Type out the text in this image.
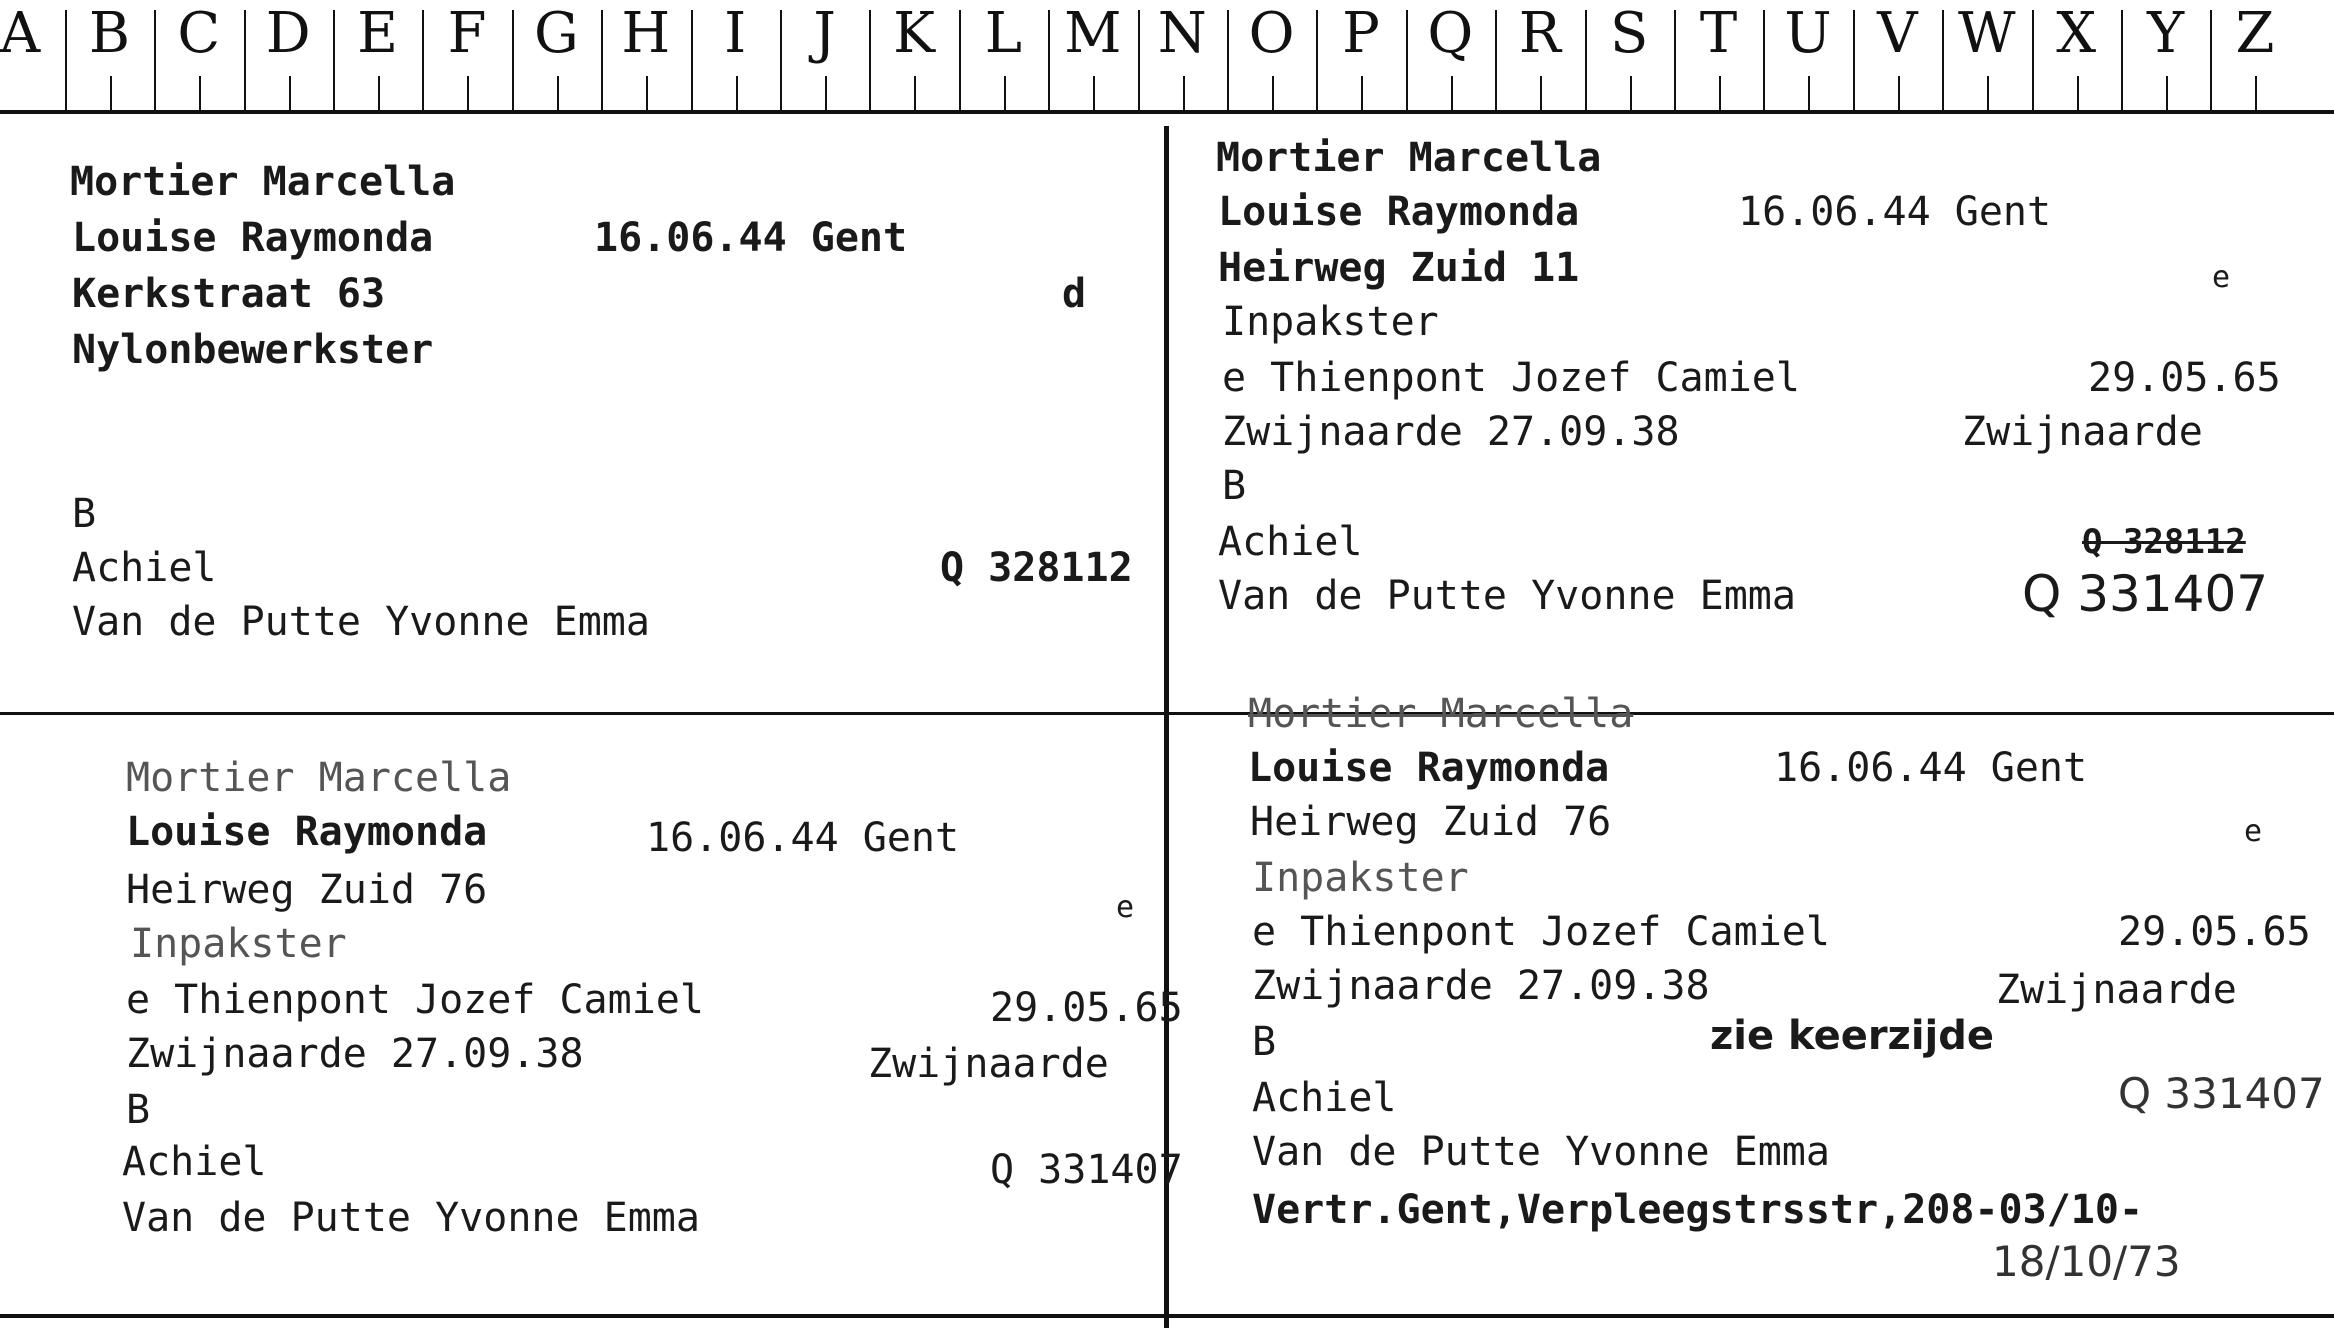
A B C D E F G H I	J	K L M N O P Q R S T U V W X Y Z
Mortier Marcella
Louise Raymonda	16.06.44 Gent
Kerkstraat 63	d
Nylonbewerkster
B
Achiel	Q 328112
Van de Putte Yvonne Emma
Mortier Marcella
Louise Raymonda	16.06.44 Gent
Heirweg Zuid 11	e
Inpakster
e Thienpont Jozef Camiel	29.05.65
Zwijnaarde 27.09.38	Zwijnaarde
B
Achiel	Q 328112
Van de Putte Yvonne Emma	Q 331407
Mortier Marcella
Louise Raymonda	16.06.44 Gent
Heirweg Zuid 76	e
Inpakster
e Thienpont Jozef Camiel	29.05.65
Zwijnaarde 27.09.38	Zwijnaarde
B
Achiel	Q 331407
Van de Putte Yvonne Emma
Mortier Marcella
Louise Raymonda	16.06.44 Gent
Heirweg Zuid 76	e
Inpakster
e Thienpont Jozef Camiel	29.05.65
Zwijnaarde 27.09.38	Zwijnaarde
zie keerzijde
B
Achiel	Q 331407
Van de Putte Yvonne Emma
Vertr.Gent,Verpleegstrsstr,208-03/10-
18/10/73
